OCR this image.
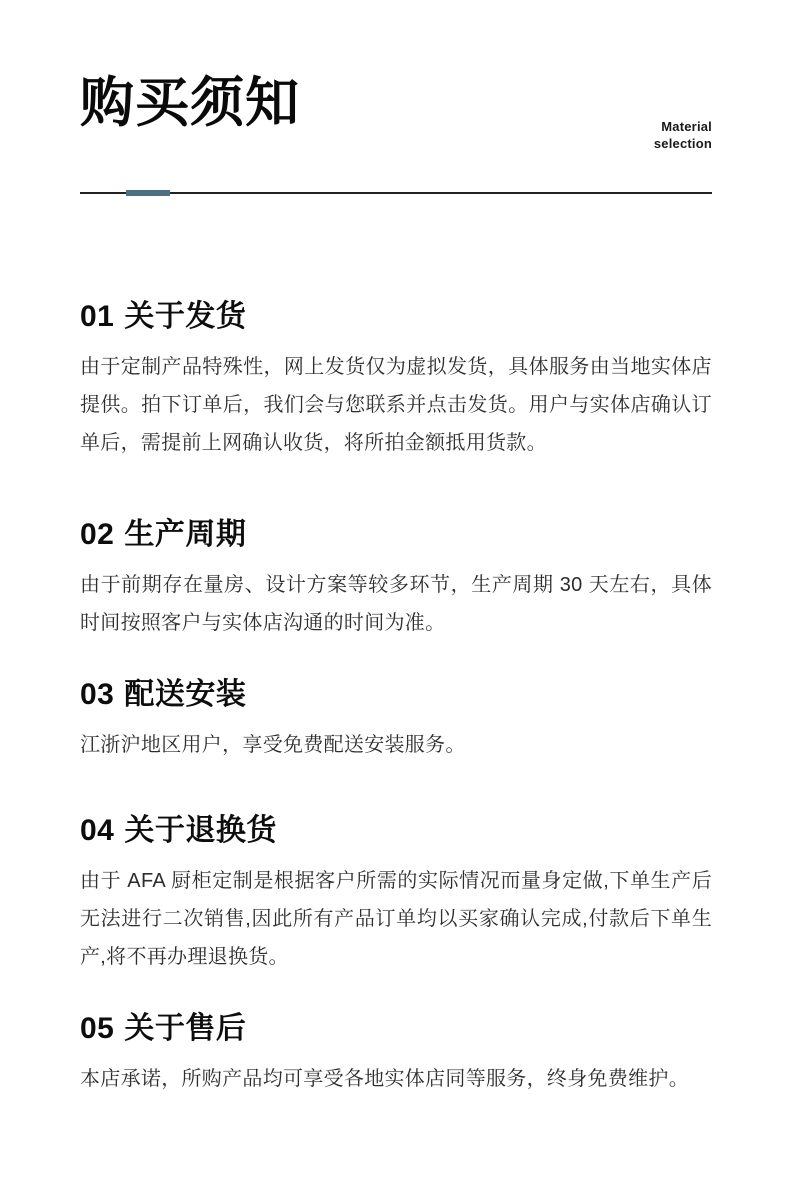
购买须知	Material
selection
01 关于发货

由于定制产品特殊性，网上发货仅为虚拟发货，具体服务由当地实体店提供。拍下订单后，我们会与您联系并点击发货。用户与实体店确认订单后，需提前上网确认收货，将所拍金额抵用货款。

02 生产周期

由于前期存在量房、设计方案等较多环节，生产周期 30 天左右，具体时间按照客户与实体店沟通的时间为准。

03 配送安装

江浙沪地区用户，享受免费配送安装服务。

04 关于退换货

由于 AFA 厨柜定制是根据客户所需的实际情况而量身定做,下单生产后无法进行二次销售,因此所有产品订单均以买家确认完成,付款后下单生产,将不再办理退换货。

05 关于售后

本店承诺，所购产品均可享受各地实体店同等服务，终身免费维护。
